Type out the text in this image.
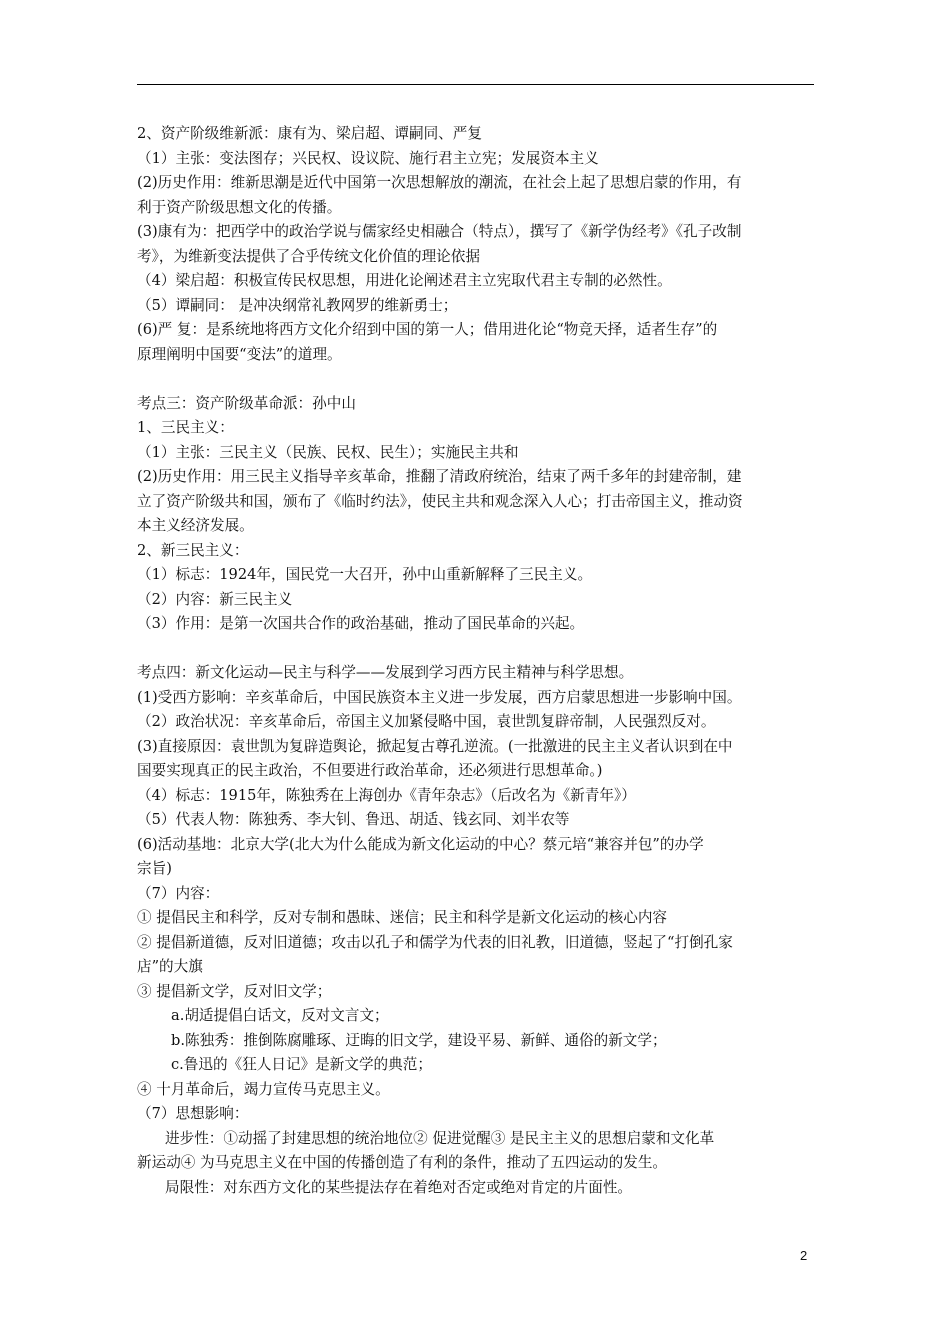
2、资产阶级维新派：康有为、梁启超、谭嗣同、严复
（1）主张：变法图存；兴民权、设议院、施行君主立宪；发展资本主义
(2)历史作用：维新思潮是近代中国第一次思想解放的潮流，在社会上起了思想启蒙的作用，有
利于资产阶级思想文化的传播。
(3)康有为：把西学中的政治学说与儒家经史相融合（特点），撰写了《新学伪经考》《孔子改制
考》，为维新变法提供了合乎传统文化价值的理论依据
（4）梁启超：积极宣传民权思想，用进化论阐述君主立宪取代君主专制的必然性。
（5）谭嗣同： 是冲决纲常礼教网罗的维新勇士；
(6)严 复：是系统地将西方文化介绍到中国的第一人；借用进化论“物竞天择，适者生存”的
原理阐明中国要“变法”的道理。
考点三：资产阶级革命派：孙中山
1、三民主义：
（1）主张：三民主义（民族、民权、民生）；实施民主共和
(2)历史作用：用三民主义指导辛亥革命，推翻了清政府统治，结束了两千多年的封建帝制，建
立了资产阶级共和国，颁布了《临时约法》，使民主共和观念深入人心；打击帝国主义，推动资
本主义经济发展。
2、新三民主义：
（1）标志：1924年，国民党一大召开，孙中山重新解释了三民主义。
（2）内容：新三民主义
（3）作用：是第一次国共合作的政治基础，推动了国民革命的兴起。
考点四：新文化运动—民主与科学——发展到学习西方民主精神与科学思想。
(1)受西方影响：辛亥革命后，中国民族资本主义进一步发展，西方启蒙思想进一步影响中国。
（2）政治状况：辛亥革命后，帝国主义加紧侵略中国，袁世凯复辟帝制，人民强烈反对。
(3)直接原因：袁世凯为复辟造舆论，掀起复古尊孔逆流。(一批激进的民主主义者认识到在中
国要实现真正的民主政治，不但要进行政治革命，还必须进行思想革命。)
（4）标志：1915年，陈独秀在上海创办《青年杂志》（后改名为《新青年》）
（5）代表人物：陈独秀、李大钊、鲁迅、胡适、钱玄同、刘半农等
(6)活动基地：北京大学(北大为什么能成为新文化运动的中心？蔡元培“兼容并包”的办学
宗旨)
（7）内容：
① 提倡民主和科学，反对专制和愚昧、迷信；民主和科学是新文化运动的核心内容
② 提倡新道德，反对旧道德；攻击以孔子和儒学为代表的旧礼教，旧道德，竖起了“打倒孔家
店”的大旗
③ 提倡新文学，反对旧文学；
a.胡适提倡白话文，反对文言文；
b.陈独秀：推倒陈腐雕琢、迂晦的旧文学，建设平易、新鲜、通俗的新文学；
c.鲁迅的《狂人日记》是新文学的典范；
④ 十月革命后，竭力宣传马克思主义。
（7）思想影响：
进步性：①动摇了封建思想的统治地位② 促进觉醒③ 是民主主义的思想启蒙和文化革
新运动④ 为马克思主义在中国的传播创造了有利的条件，推动了五四运动的发生。
局限性：对东西方文化的某些提法存在着绝对否定或绝对肯定的片面性。
2
